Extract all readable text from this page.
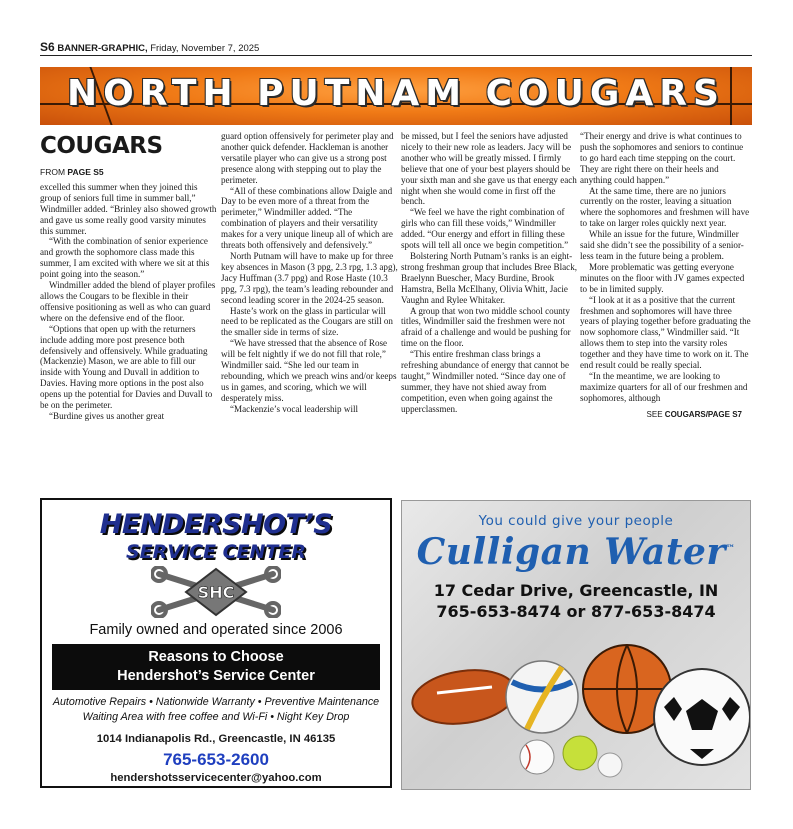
S6 BANNER-GRAPHIC, Friday, November 7, 2025
NORTH PUTNAM COUGARS
COUGARS
FROM PAGE S5

excelled this summer when they joined this group of seniors full time in summer ball,” Windmiller added. “Brinley also showed growth and gave us some really good varsity minutes this summer.

“With the combination of senior experience and growth the sophomore class made this summer, I am excited with where we sit at this point going into the season.”

Windmiller added the blend of player profiles allows the Cougars to be flexible in their offensive positioning as well as who can guard where on the defensive end of the floor.

“Options that open up with the returners include adding more post presence both defensively and offensively. While graduating (Mackenzie) Mason, we are able to fill our inside with Young and Duvall in addition to Davies. Having more options in the post also opens up the potential for Davies and Duvall to be on the perimeter.

“Burdine gives us another great

guard option offensively for perimeter play and another quick defender. Hackleman is another versatile player who can give us a strong post presence along with stepping out to play the perimeter.

“All of these combinations allow Daigle and Day to be even more of a threat from the perimeter,” Windmiller added. “The combination of players and their versatility makes for a very unique lineup all of which are threats both offensively and defensively.”

North Putnam will have to make up for three key absences in Mason (3 ppg, 2.3 rpg, 1.3 apg), Jacy Huffman (3.7 ppg) and Rose Haste (10.3 ppg, 7.3 rpg), the team’s leading rebounder and second leading scorer in the 2024-25 season.

Haste’s work on the glass in particular will need to be replicated as the Cougars are still on the smaller side in terms of size.

“We have stressed that the absence of Rose will be felt nightly if we do not fill that role,” Windmiller said. “She led our team in rebounding, which we preach wins and/or keeps us in games, and scoring, which we will desperately miss.

“Mackenzie’s vocal leadership will

be missed, but I feel the seniors have adjusted nicely to their new role as leaders. Jacy will be another who will be greatly missed. I firmly believe that one of your best players should be your sixth man and she gave us that energy each night when she would come in first off the bench.

“We feel we have the right combination of girls who can fill these voids,” Windmiller added. “Our energy and effort in filling these spots will tell all once we begin competition.”

Bolstering North Putnam’s ranks is an eight-strong freshman group that includes Bree Black, Braelynn Buescher, Macy Burdine, Brook Hamstra, Bella McElhany, Olivia Whitt, Jacie Vaughn and Rylee Whitaker.

A group that won two middle school county titles, Windmiller said the freshmen were not afraid of a challenge and would be pushing for time on the floor.

“This entire freshman class brings a refreshing abundance of energy that cannot be taught,” Windmiller noted. “Since day one of summer, they have not shied away from competition, even when going against the upperclassmen.

“Their energy and drive is what continues to push the sophomores and seniors to continue to go hard each time stepping on the court. They are right there on their heels and anything could happen.”

At the same time, there are no juniors currently on the roster, leaving a situation where the sophomores and freshmen will have to take on larger roles quickly next year.

While an issue for the future, Windmiller said she didn’t see the possibility of a senior-less team in the future being a problem.

More problematic was getting everyone minutes on the floor with JV games expected to be in limited supply.

“I look at it as a positive that the current freshmen and sophomores will have three years of playing together before graduating the now sophomore class,” Windmiller said. “It allows them to step into the varsity roles together and they have time to work on it. The end result could be really special.

“In the meantime, we are looking to maximize quarters for all of our freshmen and sophomores, although

SEE COUGARS/PAGE S7
HENDERSHOT’S
SERVICE CENTER
SHC
Family owned and operated since 2006
Reasons to Choose
Hendershot’s Service Center
Automotive Repairs • Nationwide Warranty • Preventive Maintenance
Waiting Area with free coffee and Wi-Fi • Night Key Drop
1014 Indianapolis Rd., Greencastle, IN 46135
765-653-2600
hendershotsservicecenter@yahoo.com
You could give your people
Culligan Water™
17 Cedar Drive, Greencastle, IN
765-653-8474 or 877-653-8474
